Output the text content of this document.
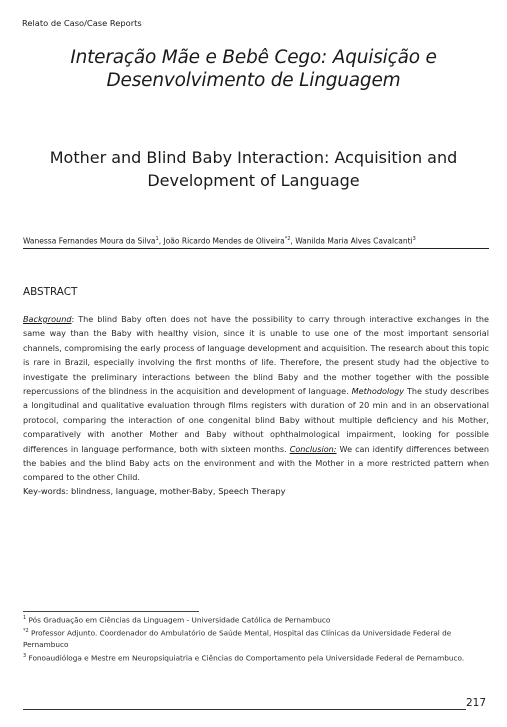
Relato de Caso/Case Reports
Interação Mãe e Bebê Cego: Aquisição e
Desenvolvimento de Linguagem
Mother and Blind Baby Interaction: Acquisition and
Development of Language
Wanessa Fernandes Moura da Silva$^1$, João Ricardo Mendes de Oliveira$^{*2}$, Wanilda Maria Alves Cavalcanti$^3$
ABSTRACT
Background: The blind Baby often does not have the possibility to carry through interactive exchanges in the same way than the Baby with healthy vision, since it is unable to use one of the most important sensorial channels, compromising the early process of language development and acquisition. The research about this topic is rare in Brazil, especially involving the first months of life. Therefore, the present study had the objective to investigate the preliminary interactions between the blind Baby and the mother together with the possible repercussions of the blindness in the acquisition and development of language. Methodology The study describes a longitudinal and qualitative evaluation through films registers with duration of 20 min and in an observational protocol, comparing the interaction of one congenital blind Baby without multiple deficiency and his Mother, comparatively with another Mother and Baby without ophthalmological impairment, looking for possible differences in language performance, both with sixteen months. Conclusion: We can identify differences between the babies and the blind Baby acts on the environment and with the Mother in a more restricted pattern when compared to the other Child.
Key-words: blindness, language, mother-Baby, Speech Therapy

$^1$ Pós Graduação em Ciências da Linguagem - Universidade Católica de Pernambuco

$^{*2}$ Professor Adjunto. Coordenador do Ambulatório de Saúde Mental, Hospital das Clínicas da Universidade Federal de Pernambuco

$^3$ Fonoaudióloga e Mestre em Neuropsiquiatria e Ciências do Comportamento pela Universidade Federal de Pernambuco.

217
